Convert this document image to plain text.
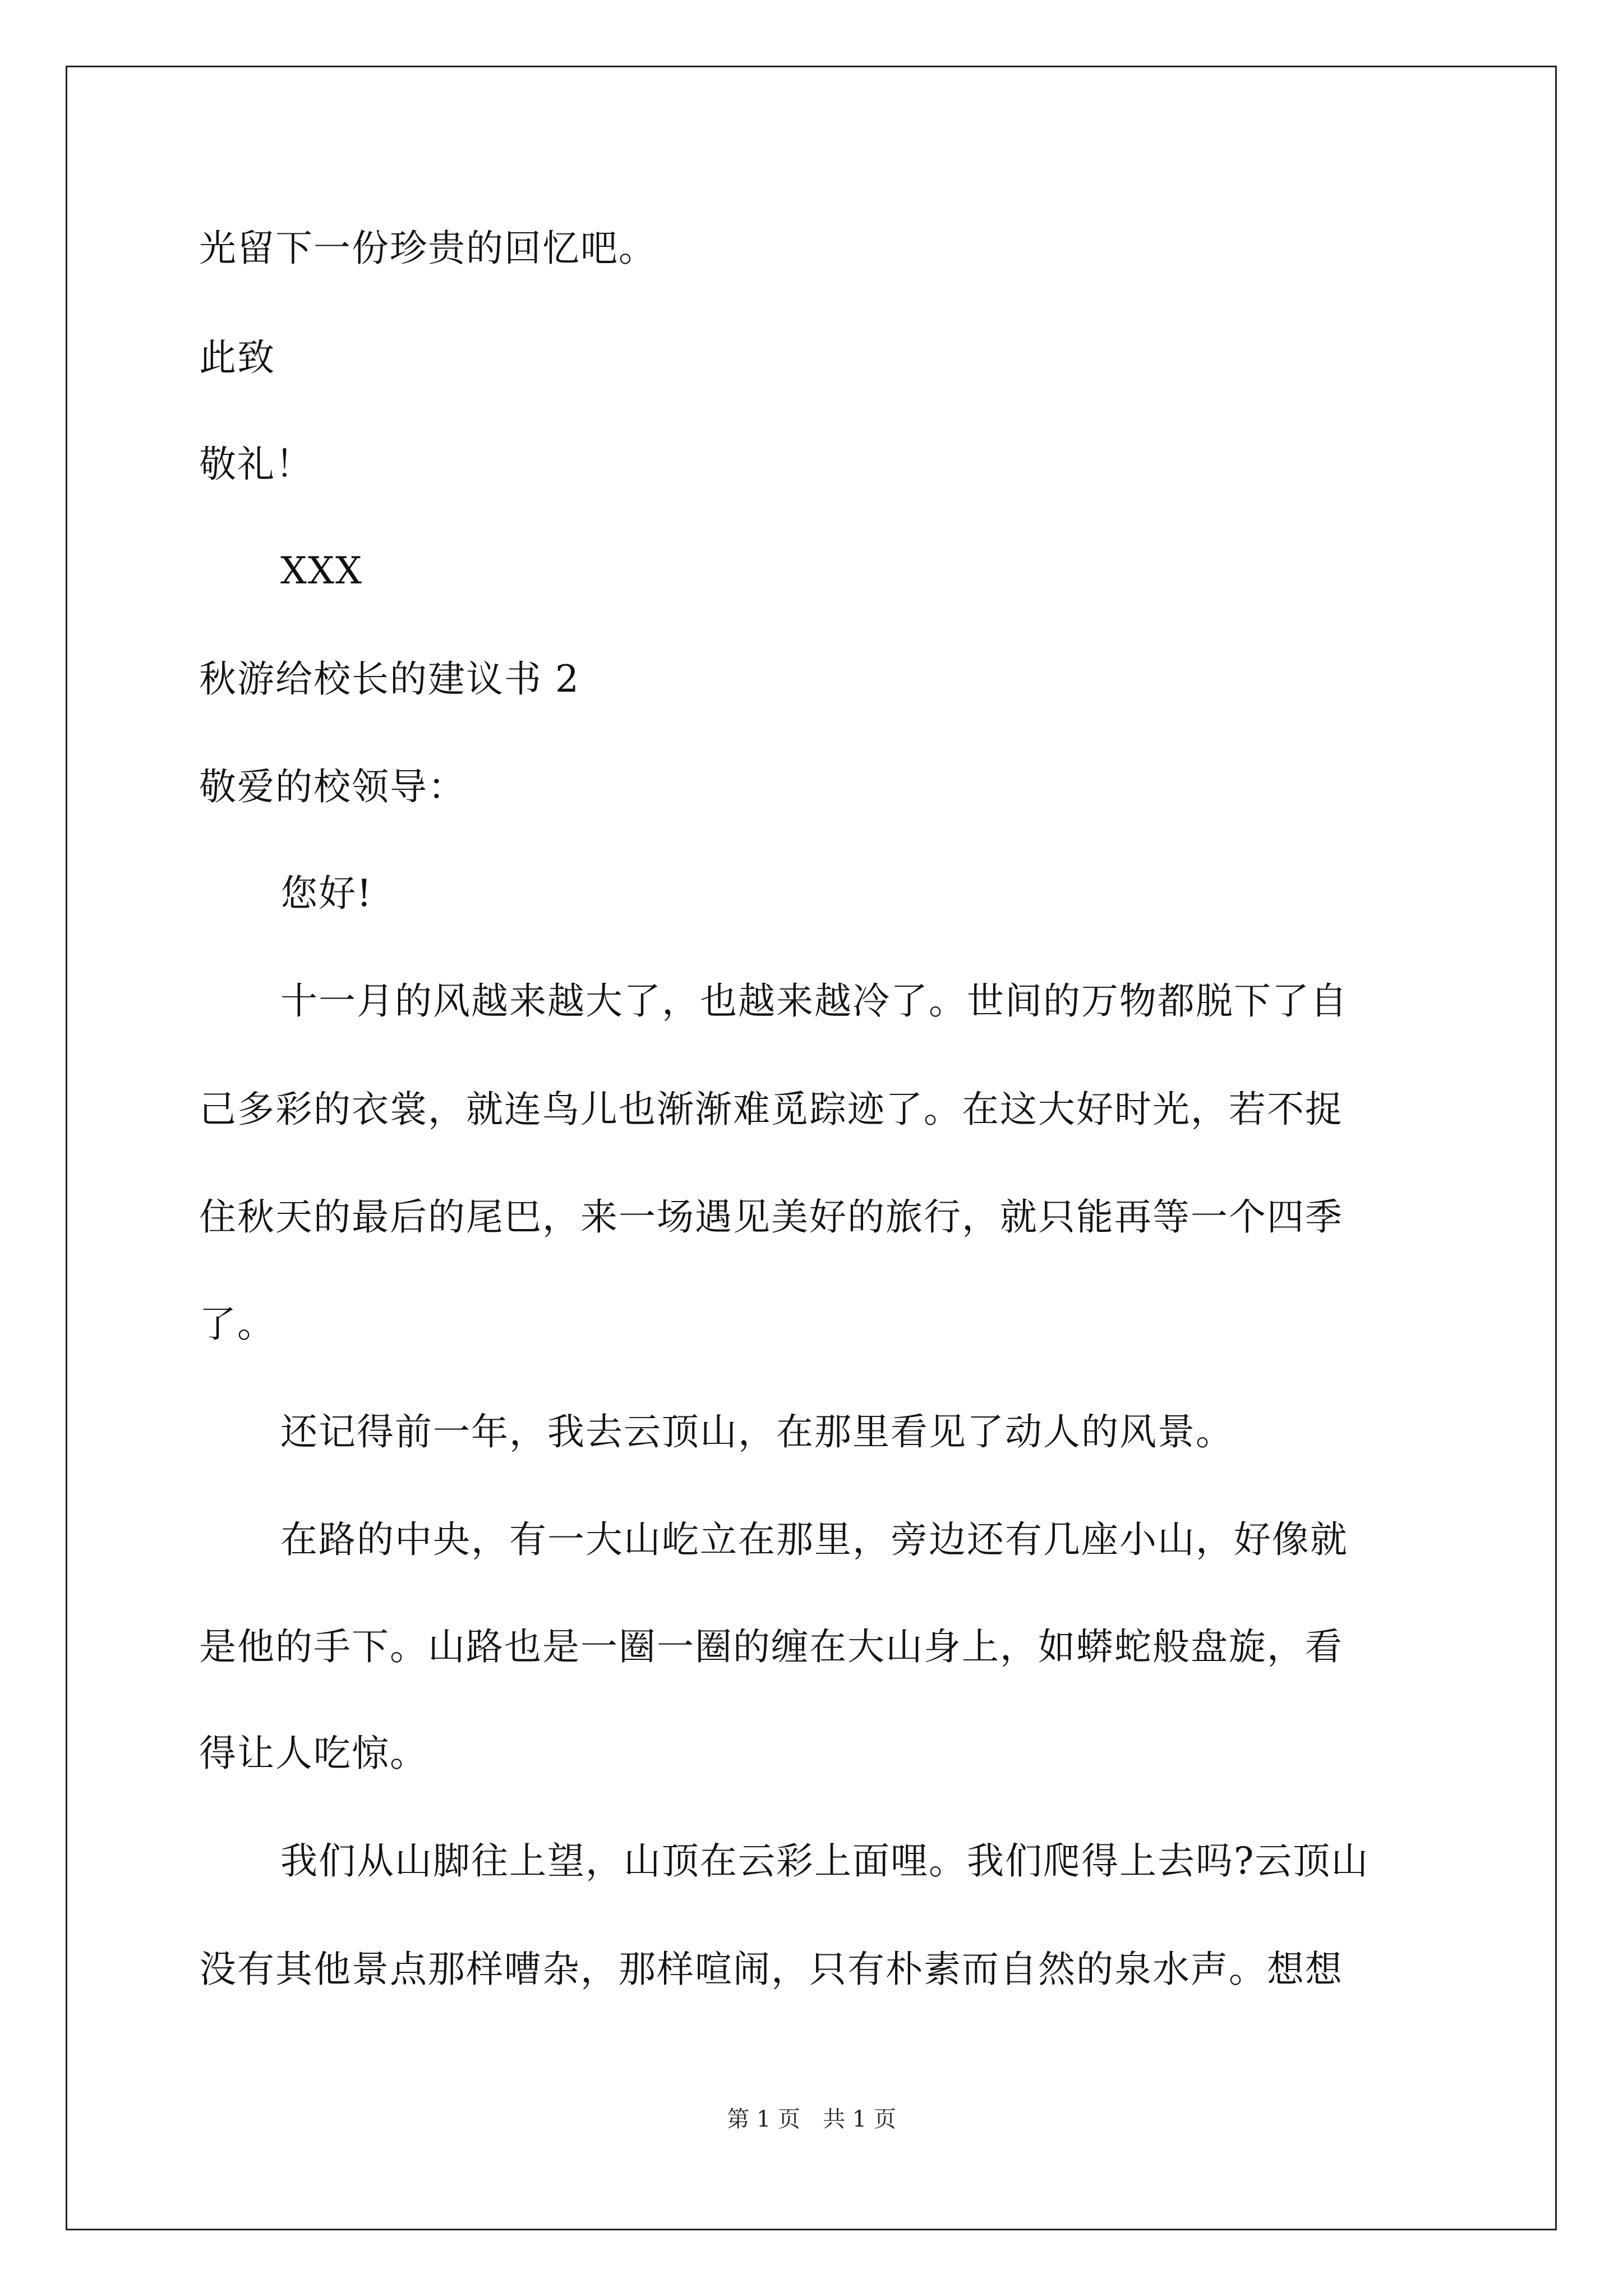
光留下一份珍贵的回忆吧。
此致
敬礼！
XXX
秋游给校长的建议书 2
敬爱的校领导：
您好!
十一月的风越来越大了，也越来越冷了。世间的万物都脱下了自
己多彩的衣裳，就连鸟儿也渐渐难觅踪迹了。在这大好时光，若不捉
住秋天的最后的尾巴，来一场遇见美好的旅行，就只能再等一个四季
了。
还记得前一年，我去云顶山，在那里看见了动人的风景。
在路的中央，有一大山屹立在那里，旁边还有几座小山，好像就
是他的手下。山路也是一圈一圈的缠在大山身上，如蟒蛇般盘旋，看
得让人吃惊。
我们从山脚往上望，山顶在云彩上面哩。我们爬得上去吗?云顶山
没有其他景点那样嘈杂，那样喧闹，只有朴素而自然的泉水声。想想
第 1 页　共 1 页
